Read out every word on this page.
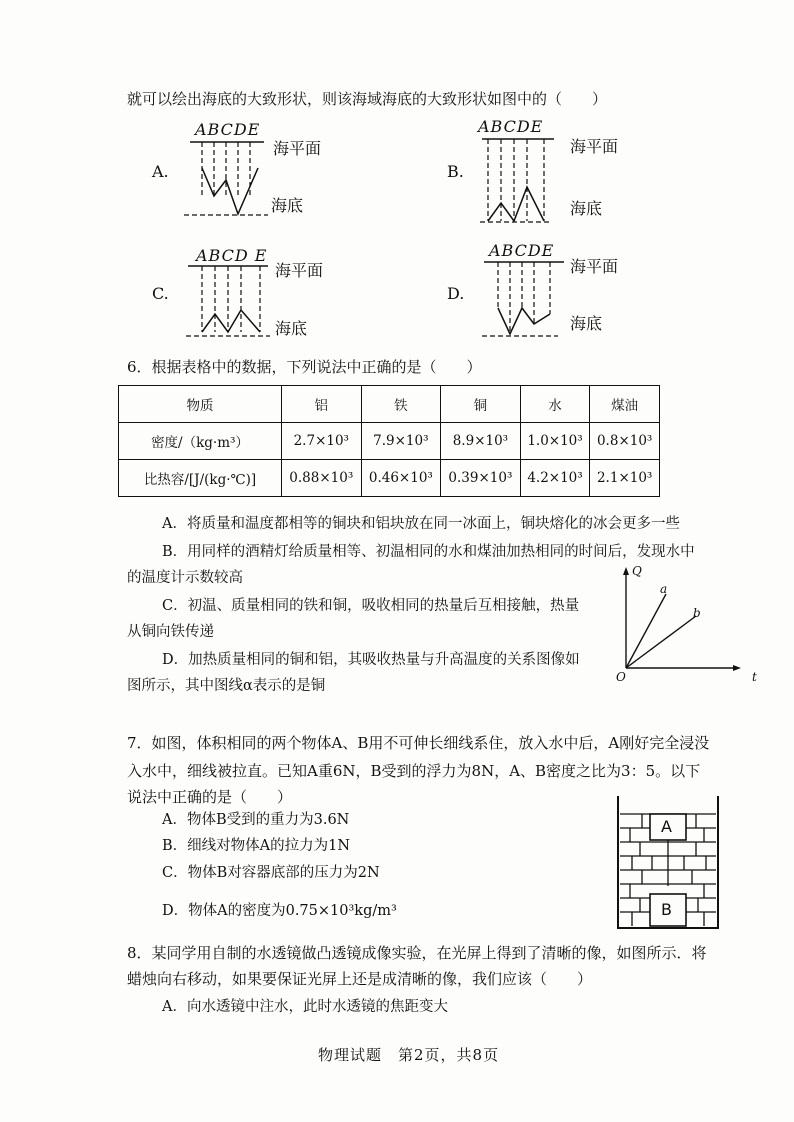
就可以绘出海底的大致形状，则该海域海底的大致形状如图中的（　　）
A.
ABCDE
海平面
海底
B.
ABCDE
海平面
海底
C.
ABCD E
海平面
海底
D.
ABCDE
海平面
海底
6．根据表格中的数据，下列说法中正确的是（　　）
物质	铝	铁	铜	水	煤油
密度/（kg·m³）	2.7×10³	7.9×10³	8.9×10³	1.0×10³	0.8×10³
比热容/[J/(kg·℃)]	0.88×10³	0.46×10³	0.39×10³	4.2×10³	2.1×10³
A．将质量和温度都相等的铜块和铝块放在同一冰面上，铜块熔化的冰会更多一些
B．用同样的酒精灯给质量相等、初温相同的水和煤油加热相同的时间后，发现水中
的温度计示数较高
C．初温、质量相同的铁和铜，吸收相同的热量后互相接触，热量
从铜向铁传递
D．加热质量相同的铜和铝，其吸收热量与升高温度的关系图像如
图所示，其中图线α表示的是铜
Q
t
O
a
b
7．如图，体积相同的两个物体A、B用不可伸长细线系住，放入水中后，A刚好完全浸没
入水中，细线被拉直。已知A重6N，B受到的浮力为8N，A、B密度之比为3：5。以下
说法中正确的是（　　）
A．物体B受到的重力为3.6N
B．细线对物体A的拉力为1N
C．物体B对容器底部的压力为2N
D．物体A的密度为0.75×10³kg/m³
A
B
8．某同学用自制的水透镜做凸透镜成像实验，在光屏上得到了清晰的像，如图所示．将
蜡烛向右移动，如果要保证光屏上还是成清晰的像，我们应该（　　）
A．向水透镜中注水，此时水透镜的焦距变大
物理试题　第2页，共8页
